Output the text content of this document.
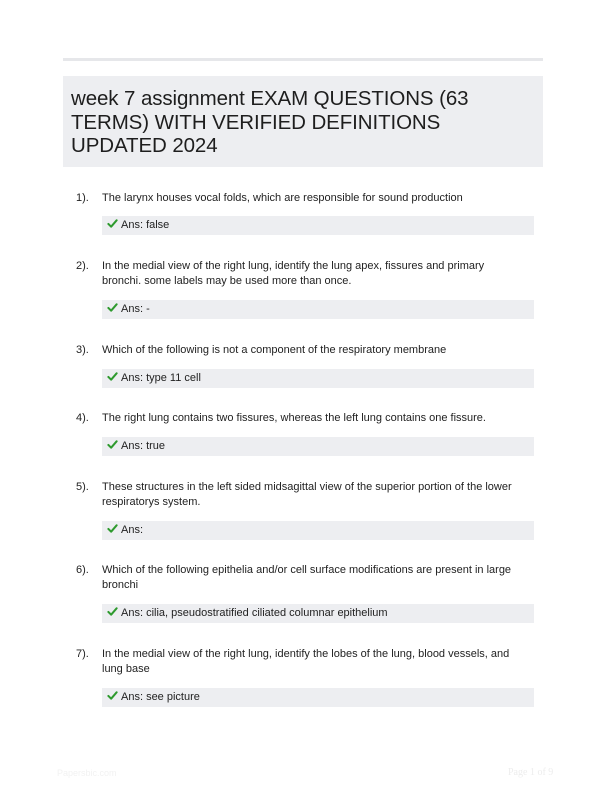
week 7 assignment EXAM QUESTIONS (63 TERMS) WITH VERIFIED DEFINITIONS UPDATED 2024
1). The larynx houses vocal folds, which are responsible for sound production
Ans: false
2). In the medial view of the right lung, identify the lung apex, fissures and primary bronchi. some labels may be used more than once.
Ans: -
3). Which of the following is not a component of the respiratory membrane
Ans: type 11 cell
4). The right lung contains two fissures, whereas the left lung contains one fissure.
Ans: true
5). These structures in the left sided midsagittal view of the superior portion of the lower respiratorys system.
Ans:
6). Which of the following epithelia and/or cell surface modifications are present in large bronchi
Ans: cilia, pseudostratified ciliated columnar epithelium
7). In the medial view of the right lung, identify the lobes of the lung, blood vessels, and lung base
Ans: see picture
Papersbic.com	Page 1 of 9
